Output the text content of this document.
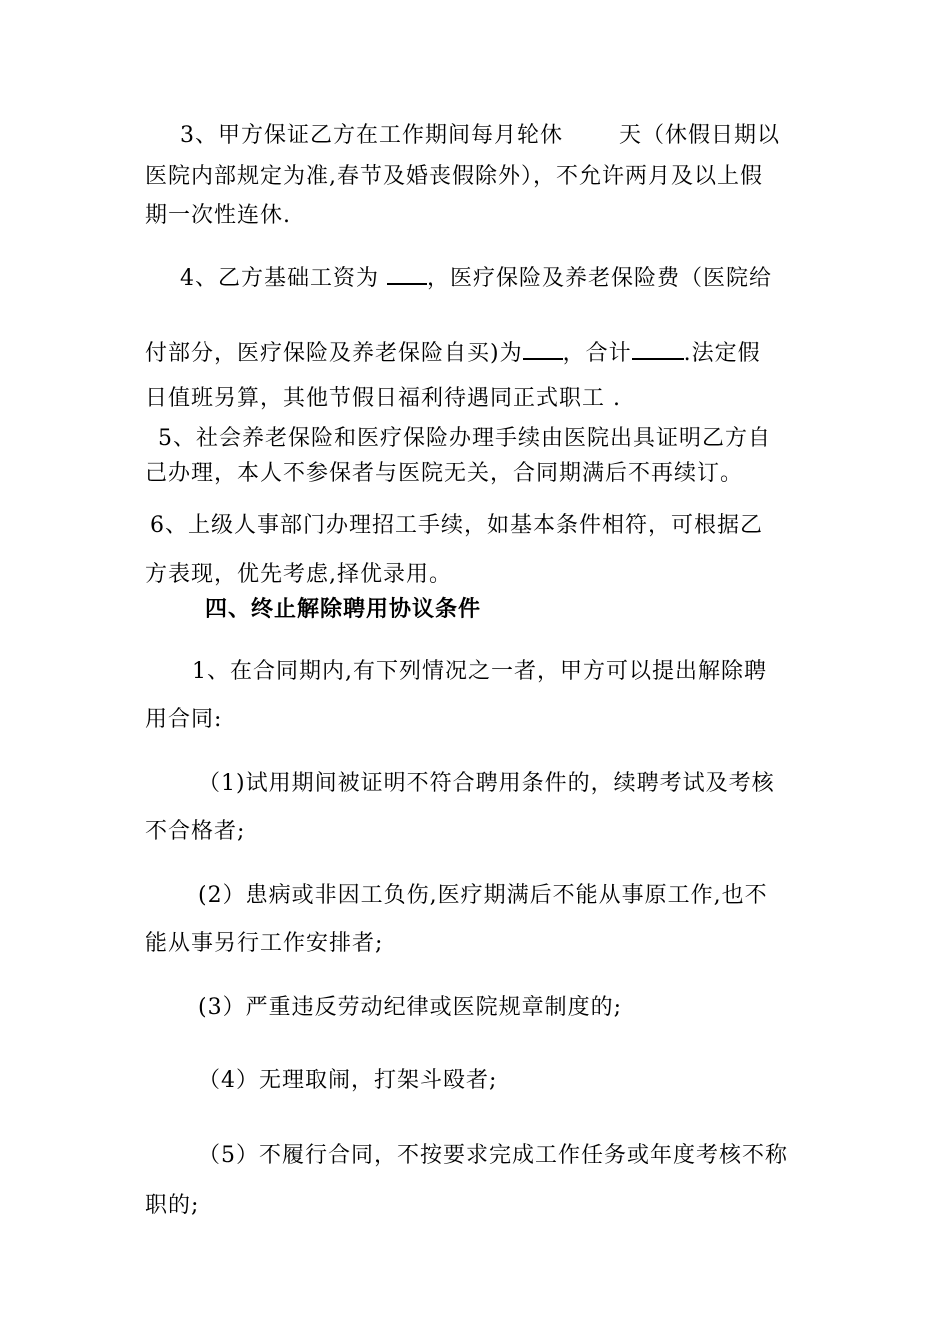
3、甲方保证乙方在工作期间每月轮休	天（休假日期以
医院内部规定为准,春节及婚丧假除外），不允许两月及以上假
期一次性连休.
4、乙方基础工资为 ，医疗保险及养老保险费（医院给
付部分，医疗保险及养老保险自买)为 ，合计 .法定假
日值班另算，其他节假日福利待遇同正式职工 .
5、社会养老保险和医疗保险办理手续由医院出具证明乙方自
己办理，本人不参保者与医院无关，合同期满后不再续订。
6、上级人事部门办理招工手续，如基本条件相符，可根据乙
方表现，优先考虑,择优录用。
四、终止解除聘用协议条件
1、在合同期内,有下列情况之一者，甲方可以提出解除聘
用合同:
（1)试用期间被证明不符合聘用条件的，续聘考试及考核
不合格者;
(2）患病或非因工负伤,医疗期满后不能从事原工作,也不
能从事另行工作安排者;
(3）严重违反劳动纪律或医院规章制度的;
（4）无理取闹，打架斗殴者;
（5）不履行合同，不按要求完成工作任务或年度考核不称
职的;
